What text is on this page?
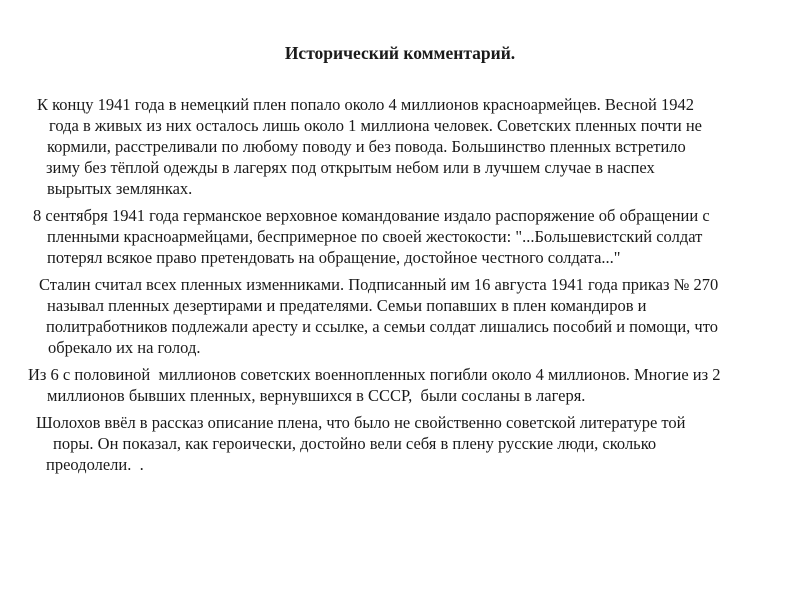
Исторический комментарий.
К концу 1941 года в немецкий плен попало около 4 миллионов красноармейцев. Весной 1942
года в живых из них осталось лишь около 1 миллиона человек. Советских пленных почти не
кормили, расстреливали по любому поводу и без повода. Большинство пленных встретило
зиму без тёплой одежды в лагерях под открытым небом или в лучшем случае в наспех
вырытых землянках.
8 сентября 1941 года германское верховное командование издало распоряжение об обращении с
пленными красноармейцами, беспримерное по своей жестокости: "...Большевистский солдат
потерял всякое право претендовать на обращение, достойное честного солдата..."
Сталин считал всех пленных изменниками. Подписанный им 16 августа 1941 года приказ № 270
называл пленных дезертирами и предателями. Семьи попавших в плен командиров и
политработников подлежали аресту и ссылке, а семьи солдат лишались пособий и помощи, что
обрекало их на голод.
Из 6 с половиной  миллионов советских военнопленных погибли около 4 миллионов. Многие из 2
миллионов бывших пленных, вернувшихся в СССР,  были сосланы в лагеря.
Шолохов ввёл в рассказ описание плена, что было не свойственно советской литературе той
поры. Он показал, как героически, достойно вели себя в плену русские люди, сколько
преодолели.  .
